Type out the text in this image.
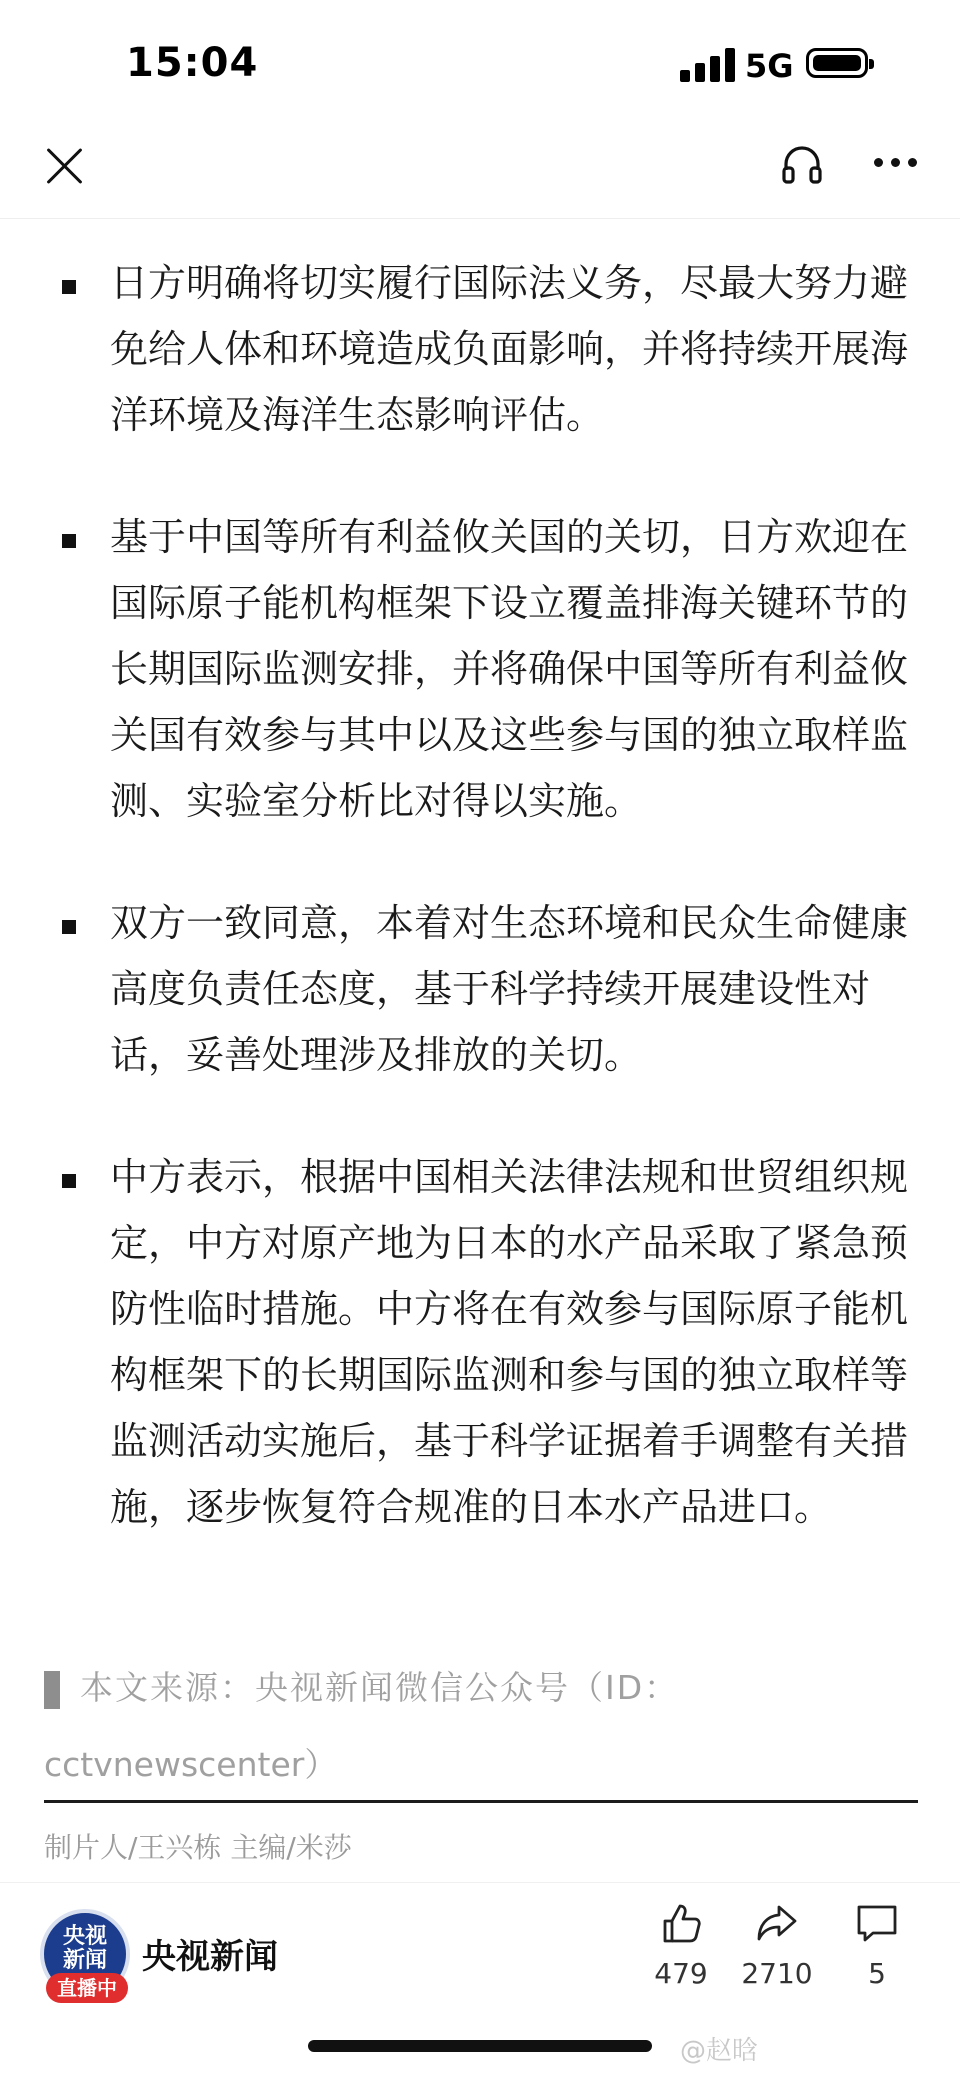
15:04	5G
日方明确将切实履行国际法义务，尽最大努力避免给人体和环境造成负面影响，并将持续开展海洋环境及海洋生态影响评估。
基于中国等所有利益攸关国的关切，日方欢迎在国际原子能机构框架下设立覆盖排海关键环节的长期国际监测安排，并将确保中国等所有利益攸关国有效参与其中以及这些参与国的独立取样监测、实验室分析比对得以实施。
双方一致同意，本着对生态环境和民众生命健康高度负责任态度，基于科学持续开展建设性对话，妥善处理涉及排放的关切。
中方表示，根据中国相关法律法规和世贸组织规定，中方对原产地为日本的水产品采取了紧急预防性临时措施。中方将在有效参与国际原子能机构框架下的长期国际监测和参与国的独立取样等监测活动实施后，基于科学证据着手调整有关措施，逐步恢复符合规准的日本水产品进口。
本文来源：央视新闻微信公众号（ID：
cctvnewscenter）
制片人/王兴栋 主编/米莎
央视
新闻
直播中
央视新闻	479	2710	5
@赵晗
